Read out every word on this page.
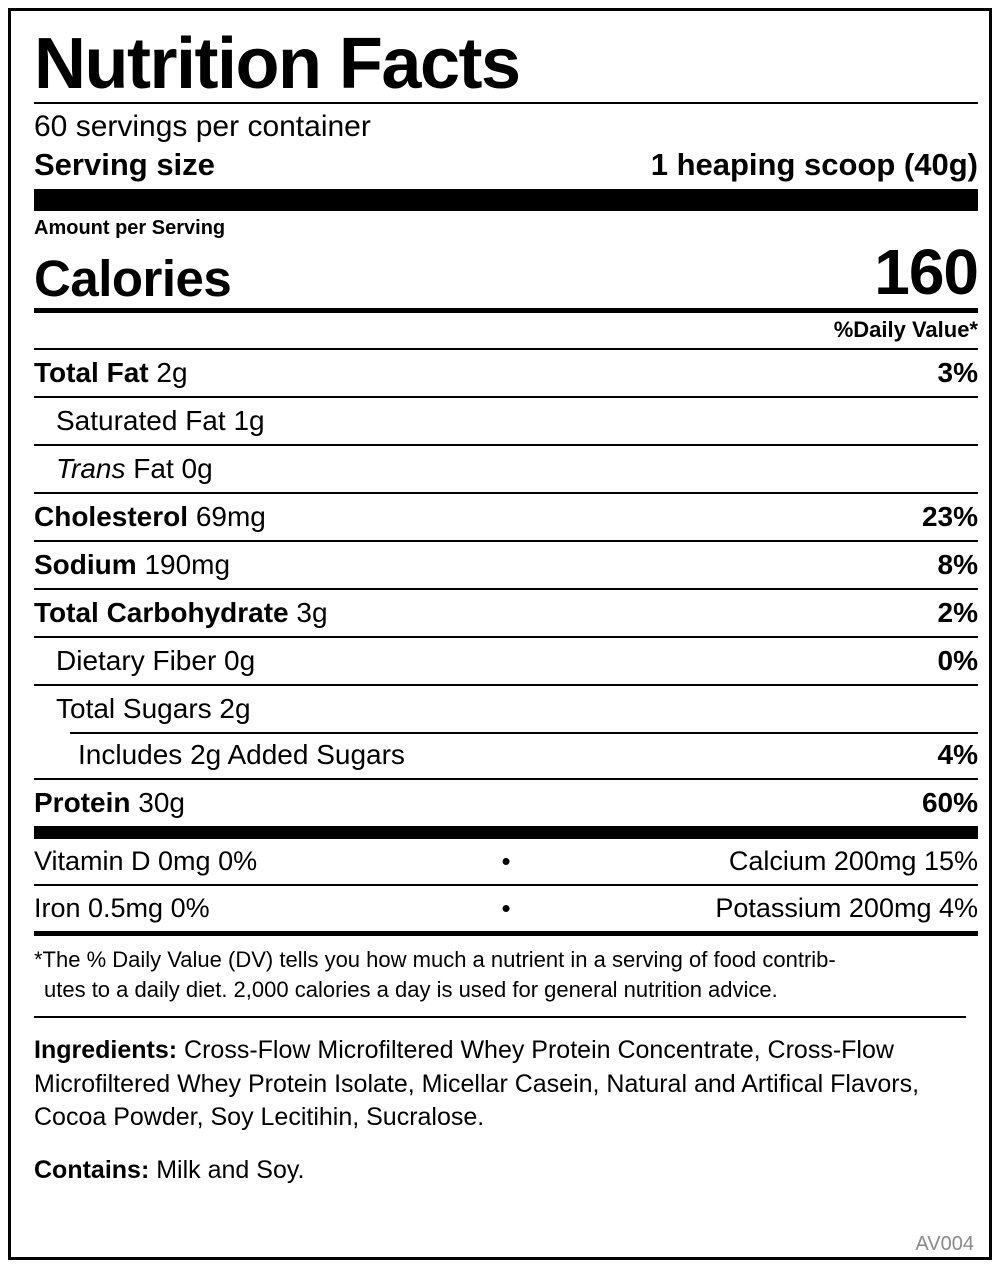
Nutrition Facts
60 servings per container
Serving size	1 heaping scoop (40g)
Amount per Serving
Calories	160
%Daily Value*
Total Fat 2g	3%
Saturated Fat 1g
Trans Fat 0g
Cholesterol 69mg	23%
Sodium 190mg	8%
Total Carbohydrate 3g	2%
Dietary Fiber 0g	0%
Total Sugars 2g
Includes 2g Added Sugars	4%
Protein 30g	60%
Vitamin D 0mg 0%	•	Calcium 200mg 15%
Iron 0.5mg 0%	•	Potassium 200mg 4%
*The % Daily Value (DV) tells you how much a nutrient in a serving of food contrib-
utes to a daily diet. 2,000 calories a day is used for general nutrition advice.
Ingredients: Cross-Flow Microfiltered Whey Protein Concentrate, Cross-Flow Microfiltered Whey Protein Isolate, Micellar Casein, Natural and Artifical Flavors, Cocoa Powder, Soy Lecitihin, Sucralose.
Contains: Milk and Soy.
AV004
